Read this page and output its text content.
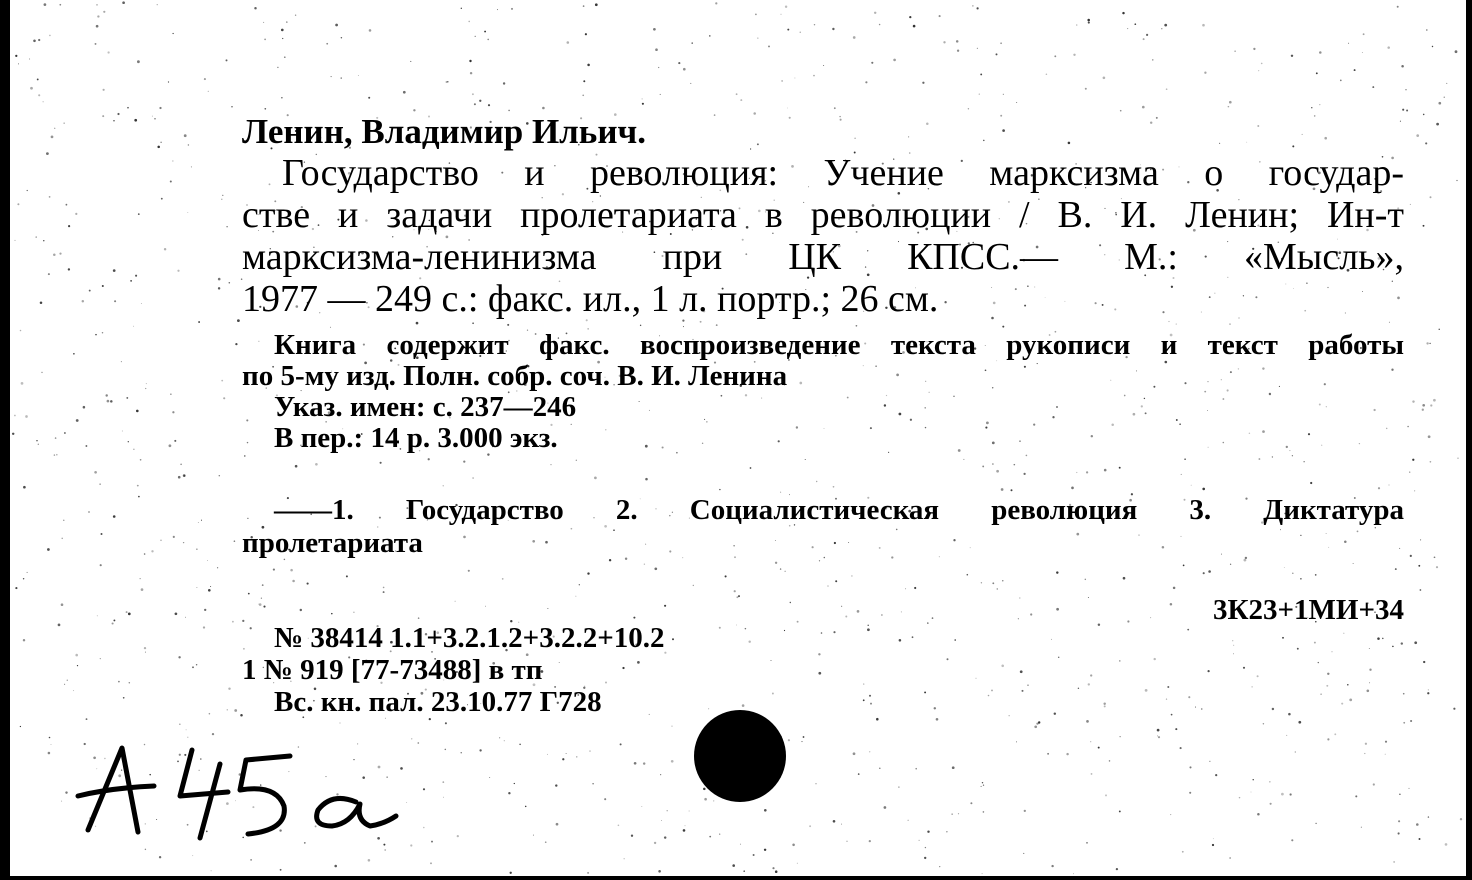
Ленин, Владимир Ильич.
Государство и революция: Учение марксизма о государ-
стве и задачи пролетариата в революции / В. И. Ленин; Ин-т
марксизма-ленинизма при ЦК КПСС.— М.: «Мысль»,
1977 — 249 с.: факс. ил., 1 л. портр.; 26 см.
Книга содержит факс. воспроизведение текста рукописи и текст работы
по 5-му изд. Полн. собр. соч. В. И. Ленина
Указ. имен: с. 237—246
В пер.: 14 р. 3.000 экз.
——1. Государство 2. Социалистическая революция 3. Диктатура
пролетариата
3К23+1МИ+34
№ 38414 1.1+3.2.1.2+3.2.2+10.2
1 № 919 [77-73488] в тп
Вс. кн. пал. 23.10.77 Г728
